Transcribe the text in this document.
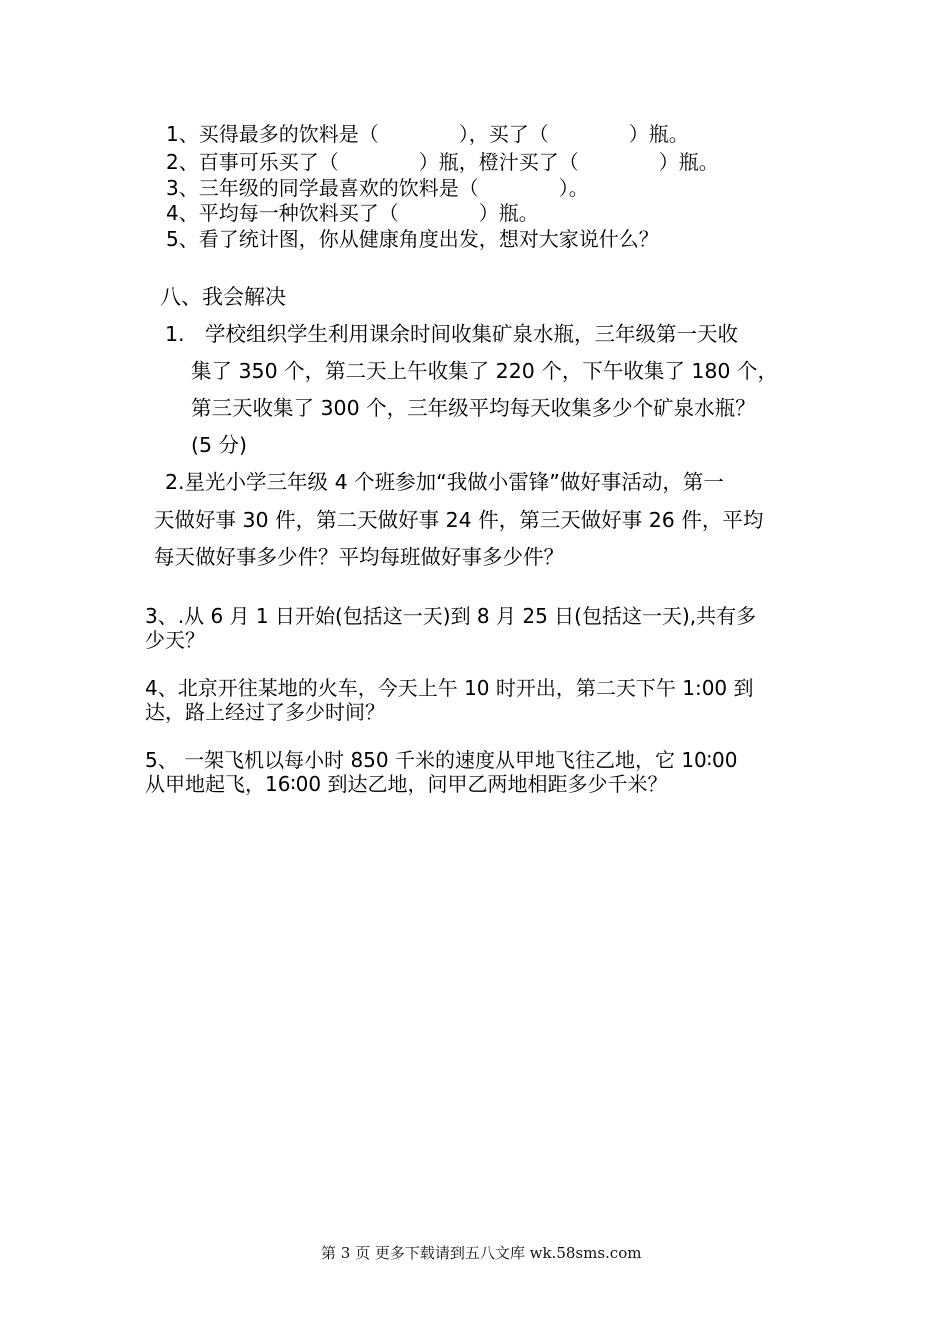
1、买得最多的饮料是（　　　　），买了（　　　　）瓶。
2、百事可乐买了（　　　　）瓶，橙汁买了（　　　　）瓶。
3、三年级的同学最喜欢的饮料是（　　　　）。
4、平均每一种饮料买了（　　　　）瓶。
5、看了统计图，你从健康角度出发，想对大家说什么？
八、我会解决
1.　学校组织学生利用课余时间收集矿泉水瓶，三年级第一天收
集了 350 个，第二天上午收集了 220 个，下午收集了 180 个，
第三天收集了 300 个，三年级平均每天收集多少个矿泉水瓶？
(5 分)
2.星光小学三年级 4 个班参加“我做小雷锋”做好事活动，第一
天做好事 30 件，第二天做好事 24 件，第三天做好事 26 件，平均
每天做好事多少件？平均每班做好事多少件？
3、.从 6 月 1 日开始(包括这一天)到 8 月 25 日(包括这一天),共有多
少天？
4、北京开往某地的火车，今天上午 10 时开出，第二天下午 1:00 到
达，路上经过了多少时间？
5、 一架飞机以每小时 850 千米的速度从甲地飞往乙地，它 10∶00
从甲地起飞，16∶00 到达乙地，问甲乙两地相距多少千米？
第 3 页 更多下载请到五八文库 wk.58sms.com
